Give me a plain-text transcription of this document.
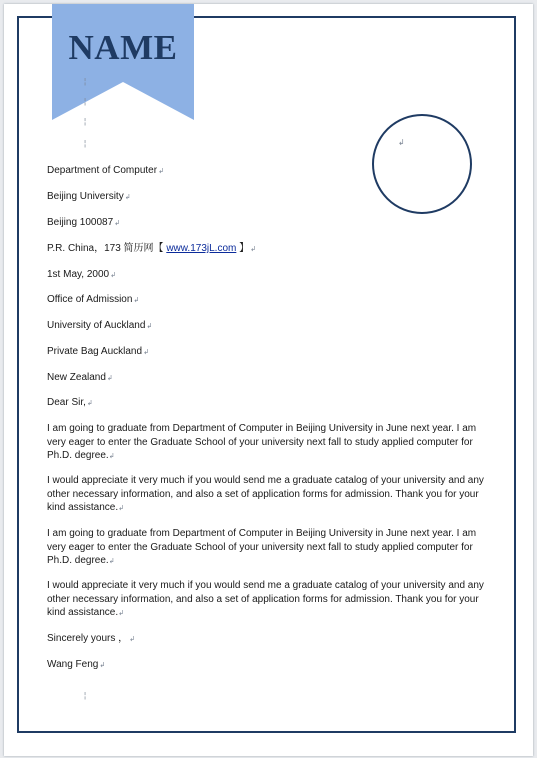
NAME
↲
¦
¦
¦
¦
¦
Department of Computer↲
Beijing University↲
Beijing 100087↲
P.R. China，173 简历网【 www.173jL.com 】↲
1st May, 2000↲
Office of Admission↲
University of Auckland↲
Private Bag Auckland↲
New Zealand↲
Dear Sir,↲
I am going to graduate from Department of Computer in Beijing University in June next year. I am very eager to enter the Graduate School of your university next fall to study applied computer for Ph.D. degree.↲
I would appreciate it very much if you would send me a graduate catalog of your university and any other necessary information, and also a set of application forms for admission. Thank you for your kind assistance.↲
I am going to graduate from Department of Computer in Beijing University in June next year. I am very eager to enter the Graduate School of your university next fall to study applied computer for Ph.D. degree.↲
I would appreciate it very much if you would send me a graduate catalog of your university and any other necessary information, and also a set of application forms for admission. Thank you for your kind assistance.↲
Sincerely yours ，↲
Wang Feng↲
